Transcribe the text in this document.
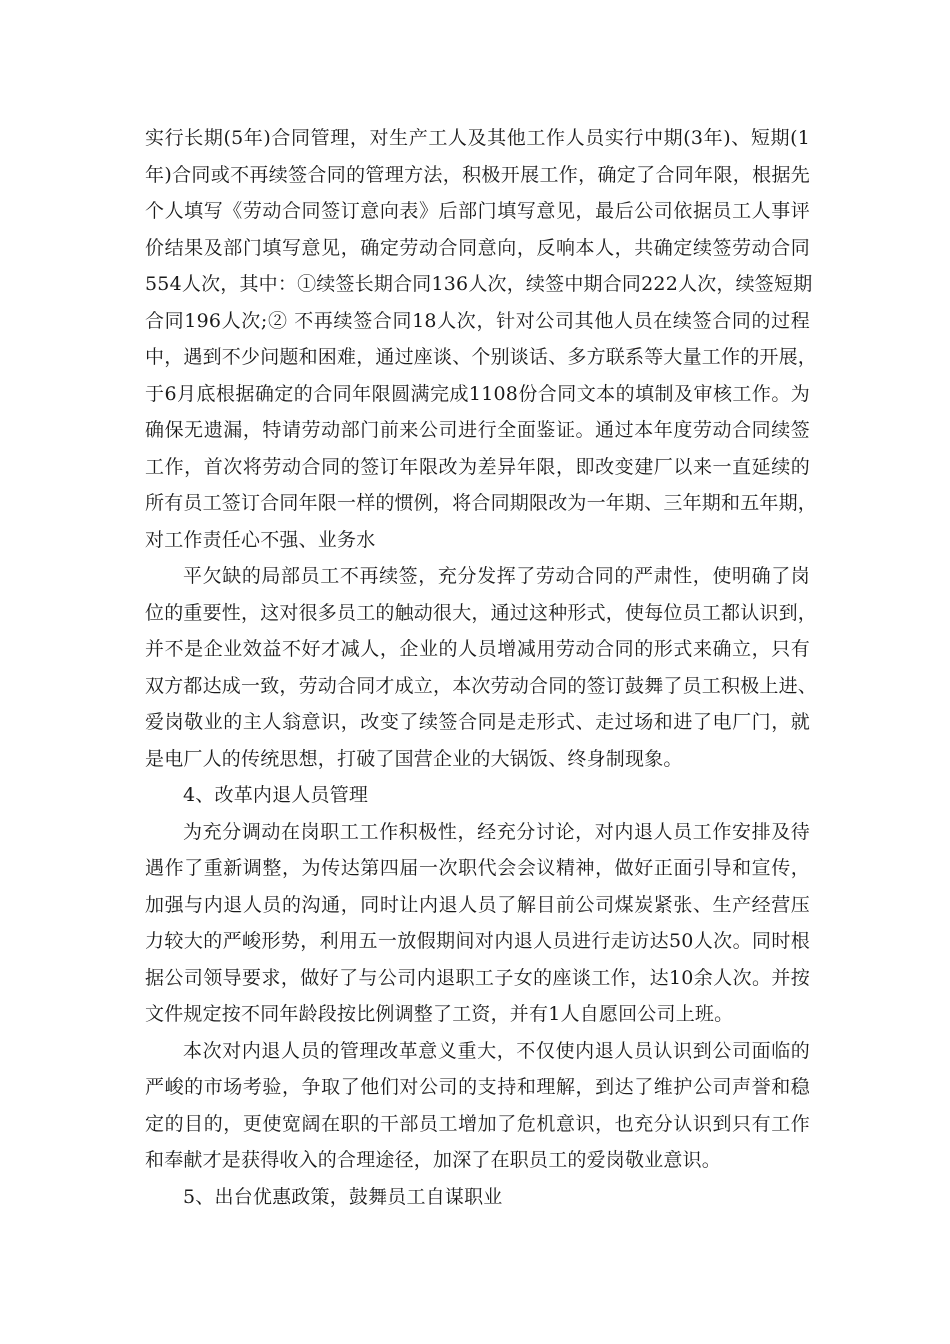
实行长期(5年)合同管理，对生产工人及其他工作人员实行中期(3年)、短期(1
年)合同或不再续签合同的管理方法，积极开展工作，确定了合同年限，根据先
个人填写《劳动合同签订意向表》后部门填写意见，最后公司依据员工人事评
价结果及部门填写意见，确定劳动合同意向，反响本人，共确定续签劳动合同
554人次，其中：①续签长期合同136人次，续签中期合同222人次，续签短期
合同196人次;② 不再续签合同18人次，针对公司其他人员在续签合同的过程
中，遇到不少问题和困难，通过座谈、个别谈话、多方联系等大量工作的开展，
于6月底根据确定的合同年限圆满完成1108份合同文本的填制及审核工作。为
确保无遗漏，特请劳动部门前来公司进行全面鉴证。通过本年度劳动合同续签
工作，首次将劳动合同的签订年限改为差异年限，即改变建厂以来一直延续的
所有员工签订合同年限一样的惯例，将合同期限改为一年期、三年期和五年期，
对工作责任心不强、业务水
平欠缺的局部员工不再续签，充分发挥了劳动合同的严肃性，使明确了岗
位的重要性，这对很多员工的触动很大，通过这种形式，使每位员工都认识到，
并不是企业效益不好才减人，企业的人员增减用劳动合同的形式来确立，只有
双方都达成一致，劳动合同才成立，本次劳动合同的签订鼓舞了员工积极上进、
爱岗敬业的主人翁意识，改变了续签合同是走形式、走过场和进了电厂门，就
是电厂人的传统思想，打破了国营企业的大锅饭、终身制现象。
4、改革内退人员管理
为充分调动在岗职工工作积极性，经充分讨论，对内退人员工作安排及待
遇作了重新调整，为传达第四届一次职代会会议精神，做好正面引导和宣传，
加强与内退人员的沟通，同时让内退人员了解目前公司煤炭紧张、生产经营压
力较大的严峻形势，利用五一放假期间对内退人员进行走访达50人次。同时根
据公司领导要求，做好了与公司内退职工子女的座谈工作，达10余人次。并按
文件规定按不同年龄段按比例调整了工资，并有1人自愿回公司上班。
本次对内退人员的管理改革意义重大，不仅使内退人员认识到公司面临的
严峻的市场考验，争取了他们对公司的支持和理解，到达了维护公司声誉和稳
定的目的，更使宽阔在职的干部员工增加了危机意识，也充分认识到只有工作
和奉献才是获得收入的合理途径，加深了在职员工的爱岗敬业意识。
5、出台优惠政策，鼓舞员工自谋职业
